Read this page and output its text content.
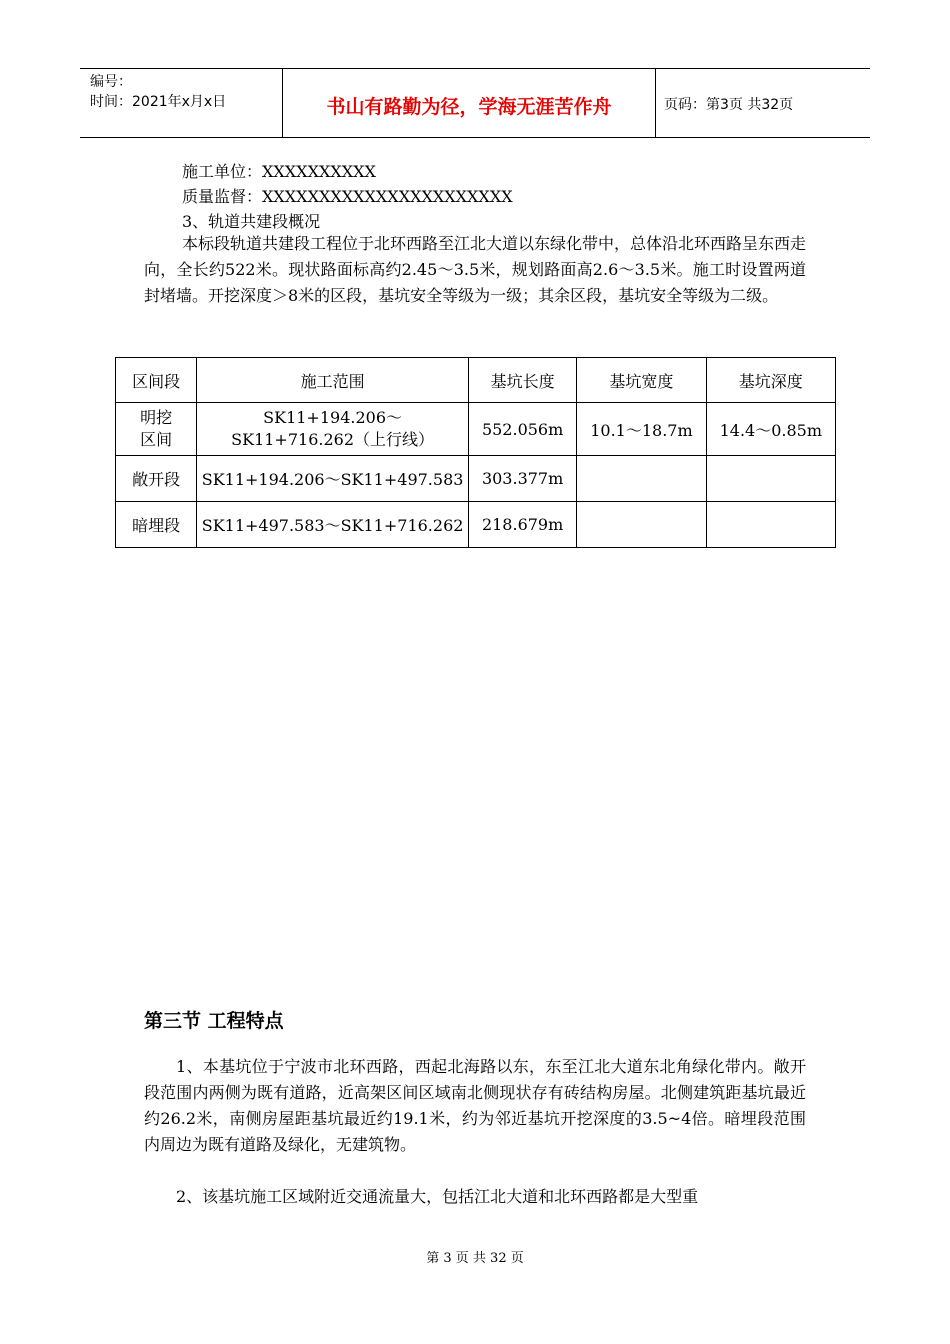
编号：
时间：2021年x月x日	书山有路勤为径，学海无涯苦作舟	页码：第3页 共32页
施工单位：XXXXXXXXXX
质量监督：XXXXXXXXXXXXXXXXXXXXXX
3、轨道共建段概况

本标段轨道共建段工程位于北环西路至江北大道以东绿化带中，总体沿北环西路呈东西走向，全长约522米。现状路面标高约2.45～3.5米，规划路面高2.6～3.5米。施工时设置两道封堵墙。开挖深度＞8米的区段，基坑安全等级为一级；其余区段，基坑安全等级为二级。

区间段	施工范围	基坑长度	基坑宽度	基坑深度
明挖
区间	SK11+194.206～
SK11+716.262（上行线）	552.056m	10.1～18.7m	14.4～0.85m
敞开段	SK11+194.206～SK11+497.583	303.377m		
暗埋段	SK11+497.583～SK11+716.262	218.679m		
第三节 工程特点

1、本基坑位于宁波市北环西路，西起北海路以东，东至江北大道东北角绿化带内。敞开段范围内两侧为既有道路，近高架区间区域南北侧现状存有砖结构房屋。北侧建筑距基坑最近约26.2米，南侧房屋距基坑最近约19.1米，约为邻近基坑开挖深度的3.5~4倍。暗埋段范围内周边为既有道路及绿化，无建筑物。

2、该基坑施工区域附近交通流量大，包括江北大道和北环西路都是大型重

第 3 页 共 32 页
